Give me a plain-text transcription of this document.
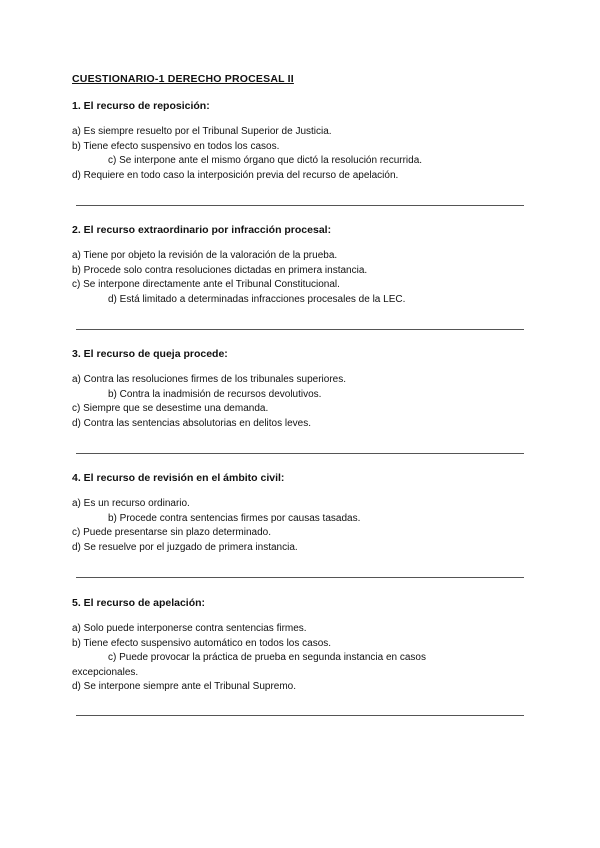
CUESTIONARIO-1 DERECHO PROCESAL II
1. El recurso de reposición:
a) Es siempre resuelto por el Tribunal Superior de Justicia.
b) Tiene efecto suspensivo en todos los casos.
c) Se interpone ante el mismo órgano que dictó la resolución recurrida.
d) Requiere en todo caso la interposición previa del recurso de apelación.
2. El recurso extraordinario por infracción procesal:
a) Tiene por objeto la revisión de la valoración de la prueba.
b) Procede solo contra resoluciones dictadas en primera instancia.
c) Se interpone directamente ante el Tribunal Constitucional.
d) Está limitado a determinadas infracciones procesales de la LEC.
3. El recurso de queja procede:
a) Contra las resoluciones firmes de los tribunales superiores.
b) Contra la inadmisión de recursos devolutivos.
c) Siempre que se desestime una demanda.
d) Contra las sentencias absolutorias en delitos leves.
4. El recurso de revisión en el ámbito civil:
a) Es un recurso ordinario.
b) Procede contra sentencias firmes por causas tasadas.
c) Puede presentarse sin plazo determinado.
d) Se resuelve por el juzgado de primera instancia.
5. El recurso de apelación:
a) Solo puede interponerse contra sentencias firmes.
b) Tiene efecto suspensivo automático en todos los casos.
c) Puede provocar la práctica de prueba en segunda instancia en casos excepcionales.
d) Se interpone siempre ante el Tribunal Supremo.
